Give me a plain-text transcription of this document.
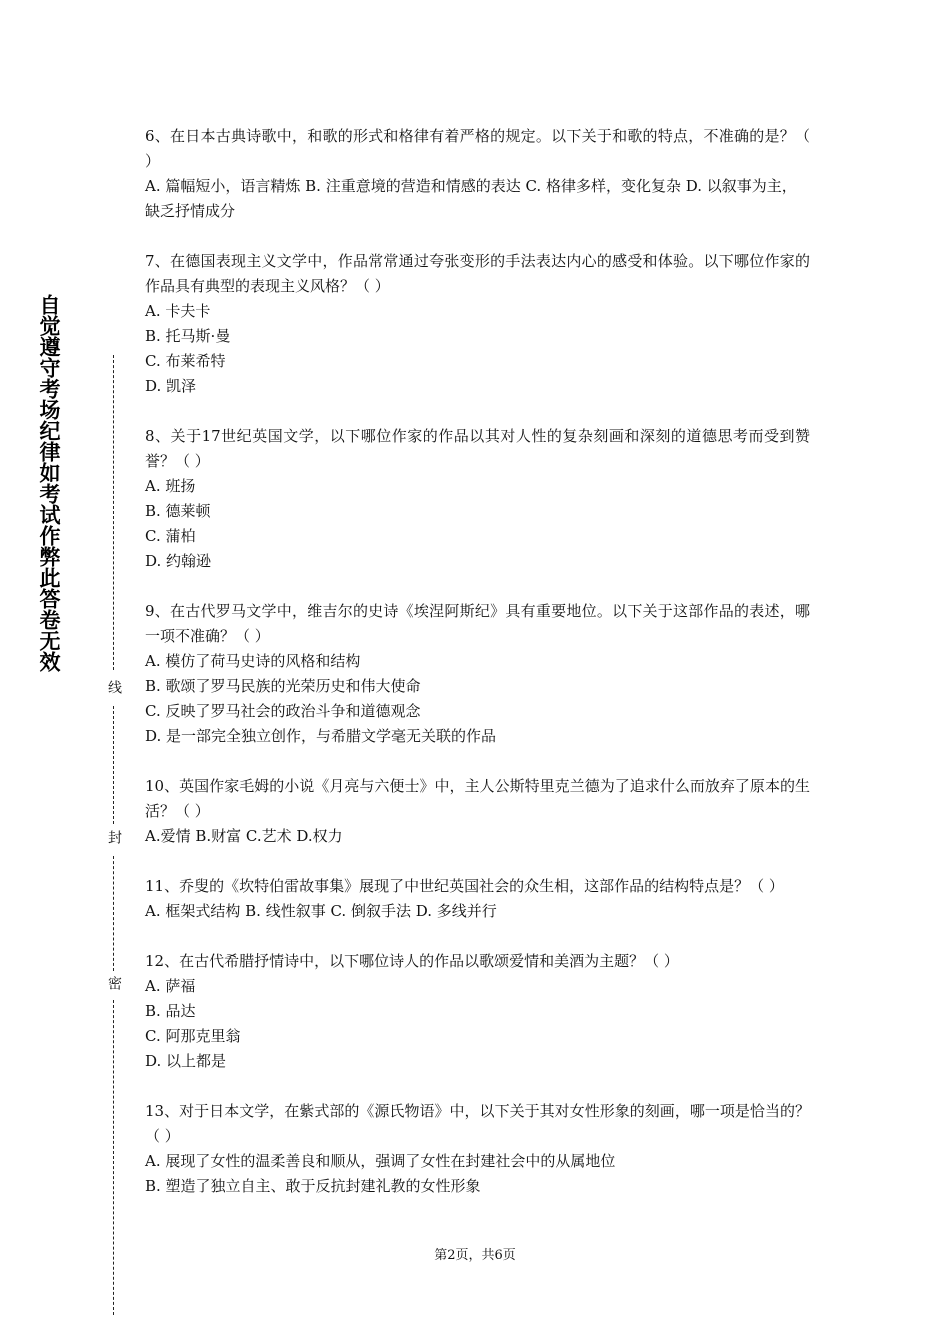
自觉遵守考场纪律如考试作弊此答卷无效
线
封
密

6、在日本古典诗歌中，和歌的形式和格律有着严格的规定。以下关于和歌的特点，不准确的是？（ ）

A. 篇幅短小，语言精炼 B. 注重意境的营造和情感的表达 C. 格律多样，变化复杂 D. 以叙事为主，缺乏抒情成分

7、在德国表现主义文学中，作品常常通过夸张变形的手法表达内心的感受和体验。以下哪位作家的作品具有典型的表现主义风格？（ ）

A. 卡夫卡

B. 托马斯·曼

C. 布莱希特

D. 凯泽

8、关于17世纪英国文学，以下哪位作家的作品以其对人性的复杂刻画和深刻的道德思考而受到赞誉？（ ）

A. 班扬

B. 德莱顿

C. 蒲柏

D. 约翰逊

9、在古代罗马文学中，维吉尔的史诗《埃涅阿斯纪》具有重要地位。以下关于这部作品的表述，哪一项不准确？（ ）

A. 模仿了荷马史诗的风格和结构

B. 歌颂了罗马民族的光荣历史和伟大使命

C. 反映了罗马社会的政治斗争和道德观念

D. 是一部完全独立创作，与希腊文学毫无关联的作品

10、英国作家毛姆的小说《月亮与六便士》中，主人公斯特里克兰德为了追求什么而放弃了原本的生活？（ ）

A.爱情 B.财富 C.艺术 D.权力

11、乔叟的《坎特伯雷故事集》展现了中世纪英国社会的众生相，这部作品的结构特点是？（ ）

A. 框架式结构 B. 线性叙事 C. 倒叙手法 D. 多线并行

12、在古代希腊抒情诗中，以下哪位诗人的作品以歌颂爱情和美酒为主题？（ ）

A. 萨福

B. 品达

C. 阿那克里翁

D. 以上都是

13、对于日本文学，在紫式部的《源氏物语》中，以下关于其对女性形象的刻画，哪一项是恰当的？（ ）

A. 展现了女性的温柔善良和顺从，强调了女性在封建社会中的从属地位

B. 塑造了独立自主、敢于反抗封建礼教的女性形象

第2页，共6页
